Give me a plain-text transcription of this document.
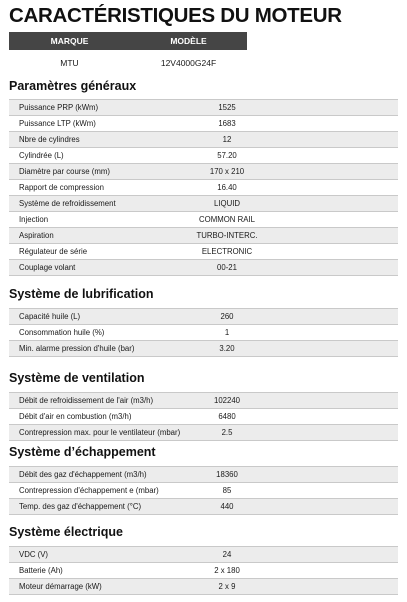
CARACTÉRISTIQUES DU MOTEUR
MARQUE	MODÈLE
MTU	12V4000G24F
Paramètres généraux
Puissance PRP (kWm)	1525
Puissance LTP (kWm)	1683
Nbre de cylindres	12
Cylindrée (L)	57.20
Diamètre par course (mm)	170 x 210
Rapport de compression	16.40
Système de refroidissement	LIQUID
Injection	COMMON RAIL
Aspiration	TURBO-INTERC.
Régulateur de série	ELECTRONIC
Couplage volant	00-21
Système de lubrification
Capacité huile (L)	260
Consommation huile (%)	1
Min. alarme pression d'huile (bar)	3.20
Système de ventilation
Débit de refroidissement de l'air (m3/h)	102240
Débit d'air en combustion (m3/h)	6480
Contrepression max. pour le ventilateur (mbar)	2.5
Système d’échappement
Débit des gaz d'échappement (m3/h)	18360
Contrepression d'échappement e (mbar)	85
Temp. des gaz d'échappement (°C)	440
Système électrique
VDC (V)	24
Batterie (Ah)	2 x 180
Moteur démarrage (kW)	2 x 9
